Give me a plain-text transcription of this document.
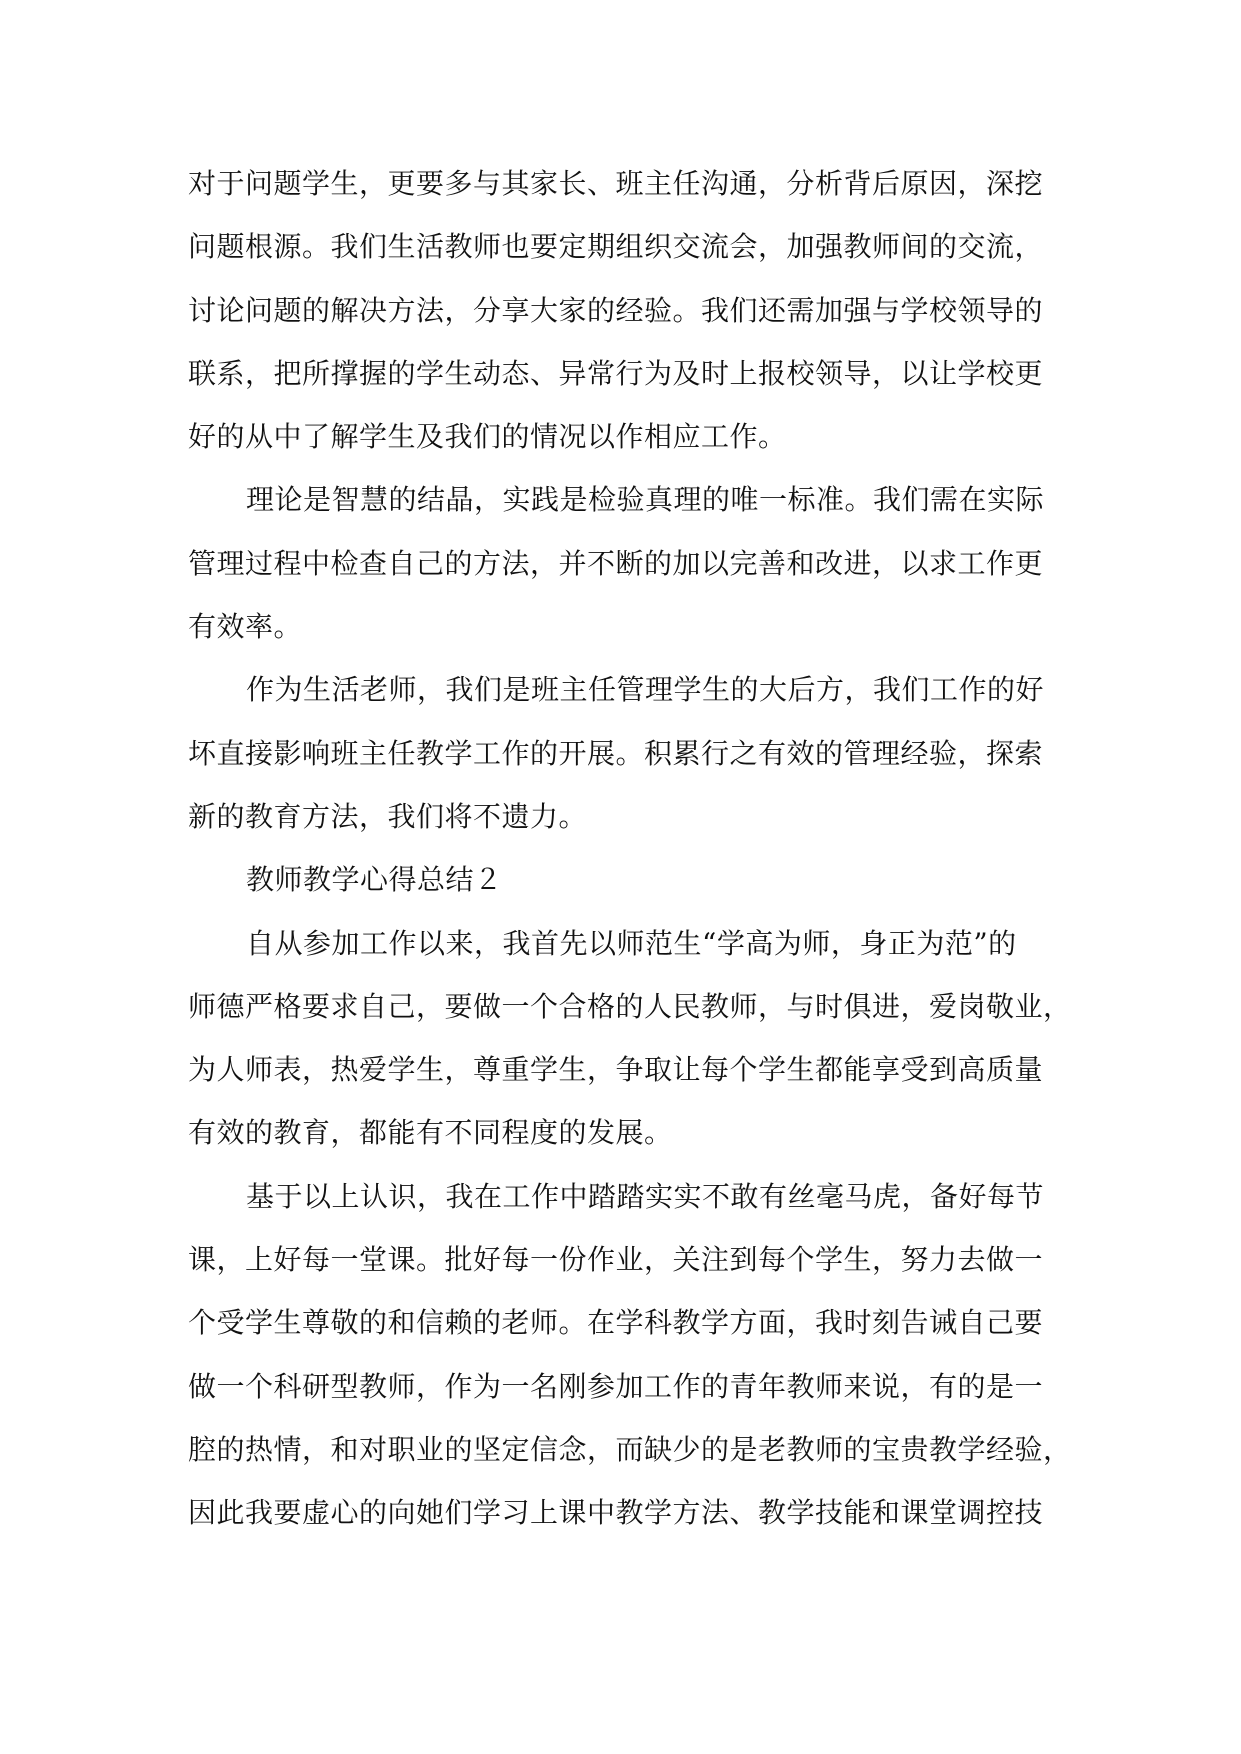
对于问题学生，更要多与其家长、班主任沟通，分析背后原因，深挖
问题根源。我们生活教师也要定期组织交流会，加强教师间的交流，
讨论问题的解决方法，分享大家的经验。我们还需加强与学校领导的
联系，把所撑握的学生动态、异常行为及时上报校领导，以让学校更
好的从中了解学生及我们的情况以作相应工作。
理论是智慧的结晶，实践是检验真理的唯一标准。我们需在实际
管理过程中检查自己的方法，并不断的加以完善和改进，以求工作更
有效率。
作为生活老师，我们是班主任管理学生的大后方，我们工作的好
坏直接影响班主任教学工作的开展。积累行之有效的管理经验，探索
新的教育方法，我们将不遗力。
教师教学心得总结２
自从参加工作以来，我首先以师范生“学高为师，身正为范”的
师德严格要求自己，要做一个合格的人民教师，与时俱进，爱岗敬业，
为人师表，热爱学生，尊重学生，争取让每个学生都能享受到高质量
有效的教育，都能有不同程度的发展。
基于以上认识，我在工作中踏踏实实不敢有丝毫马虎，备好每节
课，上好每一堂课。批好每一份作业，关注到每个学生，努力去做一
个受学生尊敬的和信赖的老师。在学科教学方面，我时刻告诫自己要
做一个科研型教师，作为一名刚参加工作的青年教师来说，有的是一
腔的热情，和对职业的坚定信念，而缺少的是老教师的宝贵教学经验，
因此我要虚心的向她们学习上课中教学方法、教学技能和课堂调控技
